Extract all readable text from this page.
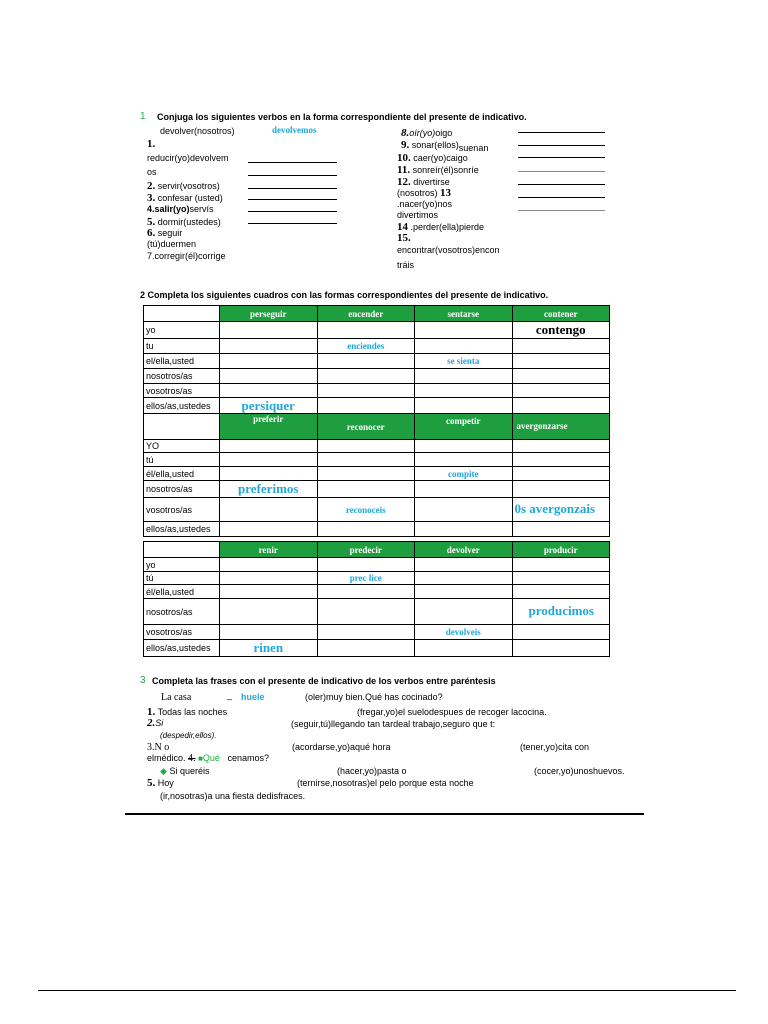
1 Conjuga los siguientes verbos en la forma correspondiente del presente de indicativo.
devolver(nosotros)	devolvemos
1.
reducir(yo)devolvem
os
2. servir(vosotros)
3. confesar (usted)
4.salir(yo)servís
5. dormir(ustedes)
6. seguir
(tú)duermen
7.corregir(él)corrige
8.oír(yo)oigo
9. sonar(ellos)suenan
10. caer(yo)caigo
11. sonreír(él)sonríe
12. divertirse
(nosotros) 13
.nacer(yo)nos
divertimos
14 .perder(ella)pierde
15.
encontrar(vosotros)encon
tráis
2 Completa los siguientes cuadros con las formas correspondientes del presente de indicativo.
	perseguir	encender	sentarse	contener
yo				contengo
tu		enciendes		
el/ella,usted			se sienta	
nosotros/as				
vosotros/as				
ellos/as,ustedes	persiquer			
	preferir	reconocer	competir	avergonzarse
YO				
tú				
él/ella,usted			compite	
nosotros/as	preferimos			
vosotros/as		reconoceis		0s avergonzais
ellos/as,ustedes				
	renir	predecir	devolver	producir
yo				
tú		prec lice		
él/ella,usted				
nosotros/as				producimos
vosotros/as			devolveis	
ellos/as,ustedes	rinen			
3 Completa las frases con el presente de indicativo de los verbos entre paréntesis
La casa	_ huele	(oler)muy bien.Qué has cocinado?
1. Todas las noches	(fregar,yo)el suelodespues de recoger lacocina.
2.Si	(seguir,tú)llegando tan tardeal trabajo,seguro que t:
(despedir,ellos).
3.N o	(acordarse,yo)aqué hora	(tener,yo)cita con
elmédico. 4. ■Qué cenamos?
◆ Si queréis	(hacer,yo)pasta o	(cocer,yo)unoshuevos.
5. Hoy	(ternirse,nosotras)el pelo porque esta noche
(ir,nosotras)a una fiesta dedisfraces.
